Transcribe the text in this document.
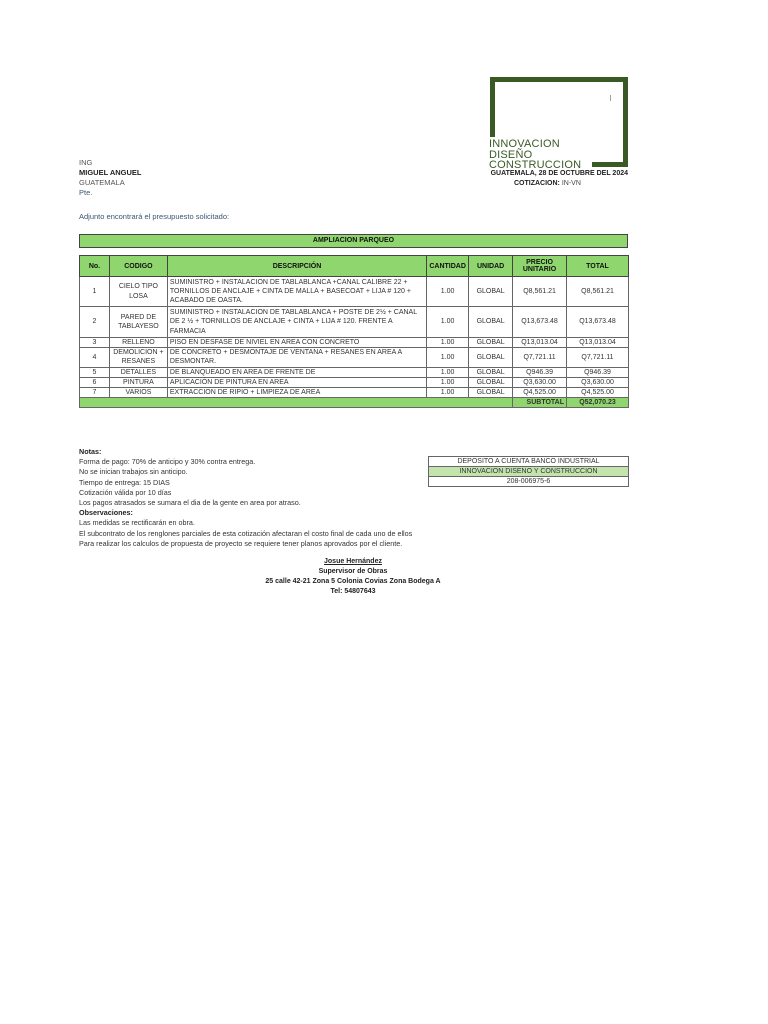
INNOVACION
DISEÑO
CONSTRUCCION
ING
MIGUEL ANGUEL
GUATEMALA
Pte.
GUATEMALA, 28 DE OCTUBRE DEL 2024
COTIZACION: IN-VN
Adjunto encontrará el presupuesto solicitado:
AMPLIACION PARQUEO
No.	CODIGO	DESCRIPCIÓN	CANTIDAD	UNIDAD	PRECIO UNITARIO	TOTAL
1	CIELO TIPO LOSA	SUMINISTRO + INSTALACION DE TABLABLANCA +CANAL CALIBRE 22 + TORNILLOS DE ANCLAJE + CINTA DE MALLA + BASECOAT + LIJA # 120 + ACABADO DE OASTA.	1.00	GLOBAL	Q8,561.21	Q8,561.21
2	PARED DE TABLAYESO	SUMINISTRO + INSTALACION DE TABLABLANCA + POSTE DE 2½ + CANAL DE 2 ½ + TORNILLOS DE ANCLAJE + CINTA + LIJA # 120. FRENTE A FARMACIA	1.00	GLOBAL	Q13,673.48	Q13,673.48
3	RELLENO	PISO EN DESFASE DE NIVIEL EN AREA CON CONCRETO	1.00	GLOBAL	Q13,013.04	Q13,013.04
4	DEMOLICION + RESANES	DE CONCRETO + DESMONTAJE DE VENTANA + RESANES EN AREA A DESMONTAR.	1.00	GLOBAL	Q7,721.11	Q7,721.11
5	DETALLES	DE BLANQUEADO EN AREA DE FRENTE DE	1.00	GLOBAL	Q946.39	Q946.39
6	PINTURA	APLICACIÓN DE PINTURA EN AREA	1.00	GLOBAL	Q3,630.00	Q3,630.00
7	VARIOS	EXTRACCION DE RIPIO + LIMPIEZA DE AREA	1.00	GLOBAL	Q4,525.00	Q4,525.00
					SUBTOTAL	Q52,070.23
Notas:
Forma de pago: 70% de anticipo y 30% contra entrega.
No se inician trabajos sin anticipo.
Tiempo de entrega: 15 DIAS
Cotización válida por 10 días
Los pagos atrasados se sumara el dia de la gente en area por atraso.
Observaciones:
Las medidas se rectificarán en obra.
El subcontrato de los renglones parciales de esta cotización afectaran el costo final de cada uno de ellos
Para realizar los calculos de propuesta de proyecto se requiere tener planos aprovados por el cliente.
DEPOSITO A CUENTA BANCO INDUSTRIAL
INNOVACION DISENO Y CONSTRUCCION
208-006975-6
Josue Hernández
Supervisor de Obras
25 calle 42-21 Zona 5 Colonia Covias Zona Bodega A
Tel: 54807643
